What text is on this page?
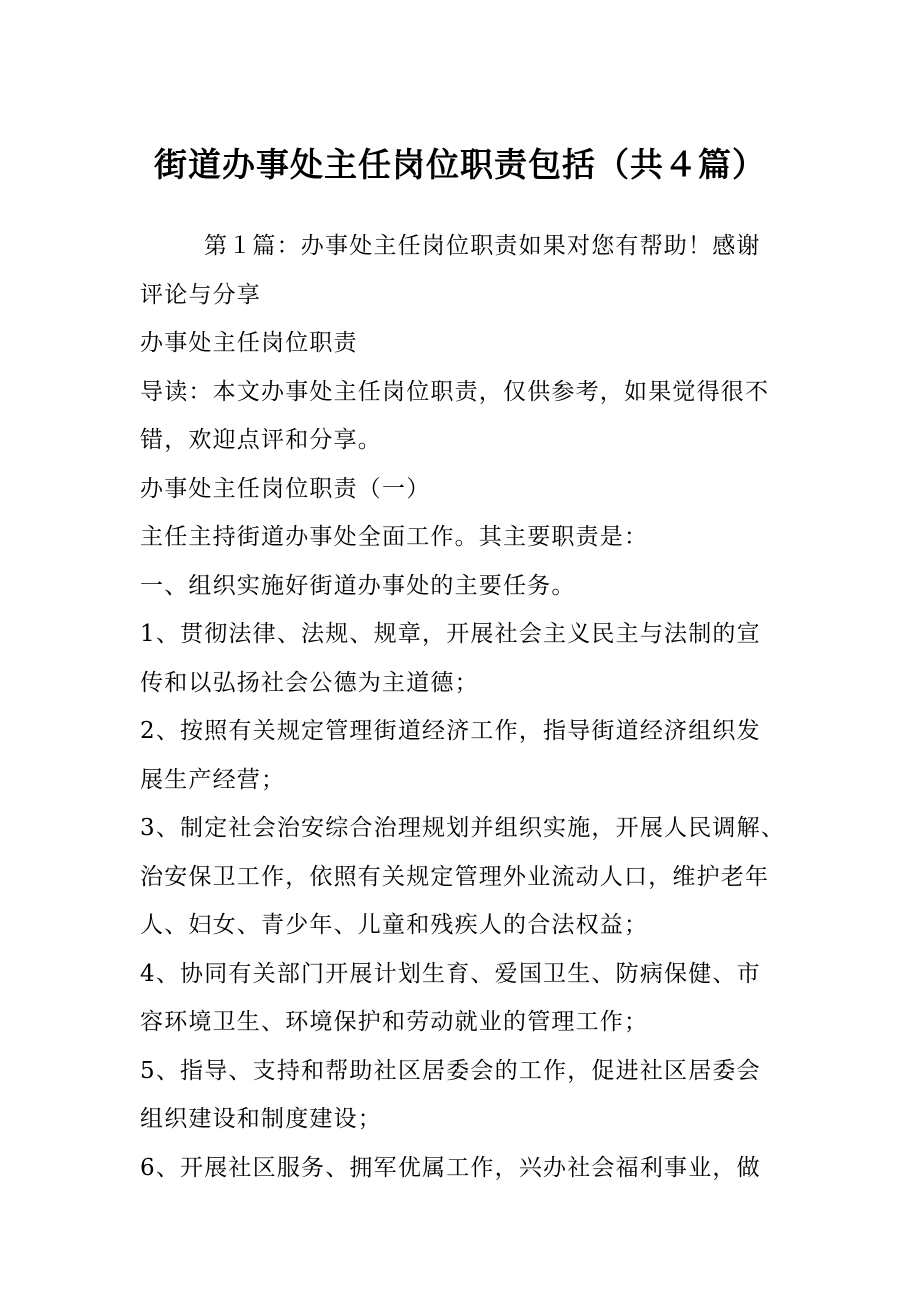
街道办事处主任岗位职责包括（共４篇）
第１篇：办事处主任岗位职责如果对您有帮助！感谢
评论与分享
办事处主任岗位职责
导读：本文办事处主任岗位职责，仅供参考，如果觉得很不
错，欢迎点评和分享。
办事处主任岗位职责（一）
主任主持街道办事处全面工作。其主要职责是：
一、组织实施好街道办事处的主要任务。
1、贯彻法律、法规、规章，开展社会主义民主与法制的宣
传和以弘扬社会公德为主道德；
2、按照有关规定管理街道经济工作，指导街道经济组织发
展生产经营；
3、制定社会治安综合治理规划并组织实施，开展人民调解、
治安保卫工作，依照有关规定管理外业流动人口，维护老年
人、妇女、青少年、儿童和残疾人的合法权益；
4、协同有关部门开展计划生育、爱国卫生、防病保健、市
容环境卫生、环境保护和劳动就业的管理工作；
5、指导、支持和帮助社区居委会的工作，促进社区居委会
组织建设和制度建设；
6、开展社区服务、拥军优属工作，兴办社会福利事业，做
